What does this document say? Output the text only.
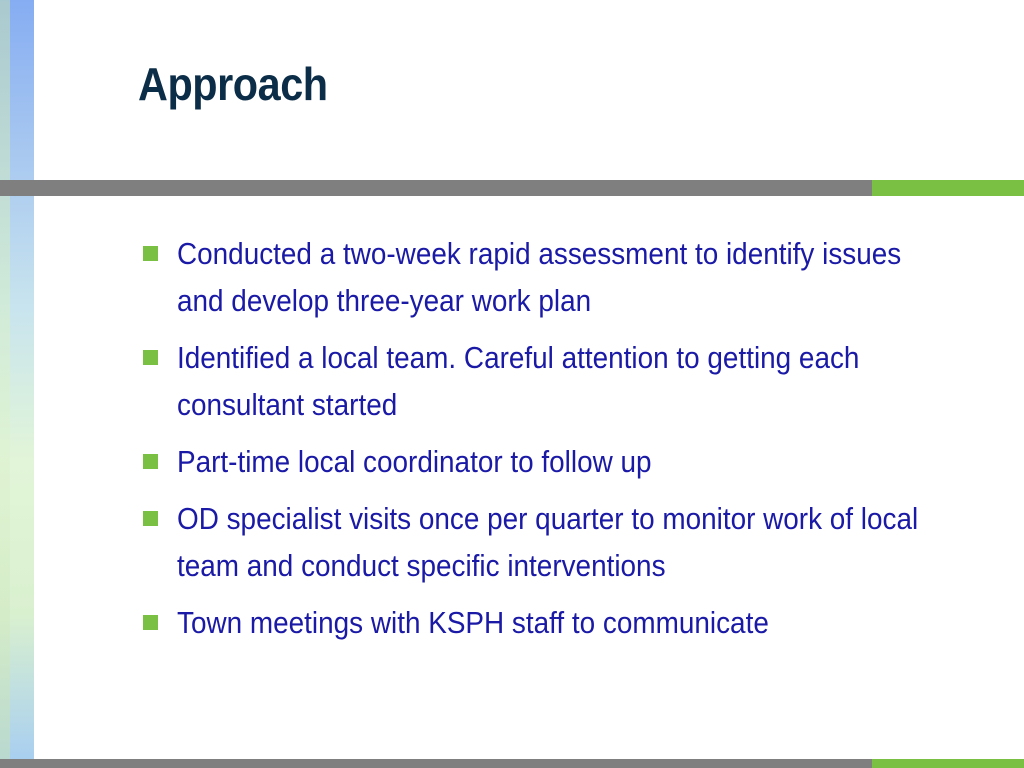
Approach
Conducted a two-week rapid assessment to identify issues and develop three-year work plan
Identified a local team. Careful attention to getting each consultant started
Part-time local coordinator to follow up
OD specialist visits once per quarter to monitor work of local team and conduct specific interventions
Town meetings with KSPH staff to communicate
